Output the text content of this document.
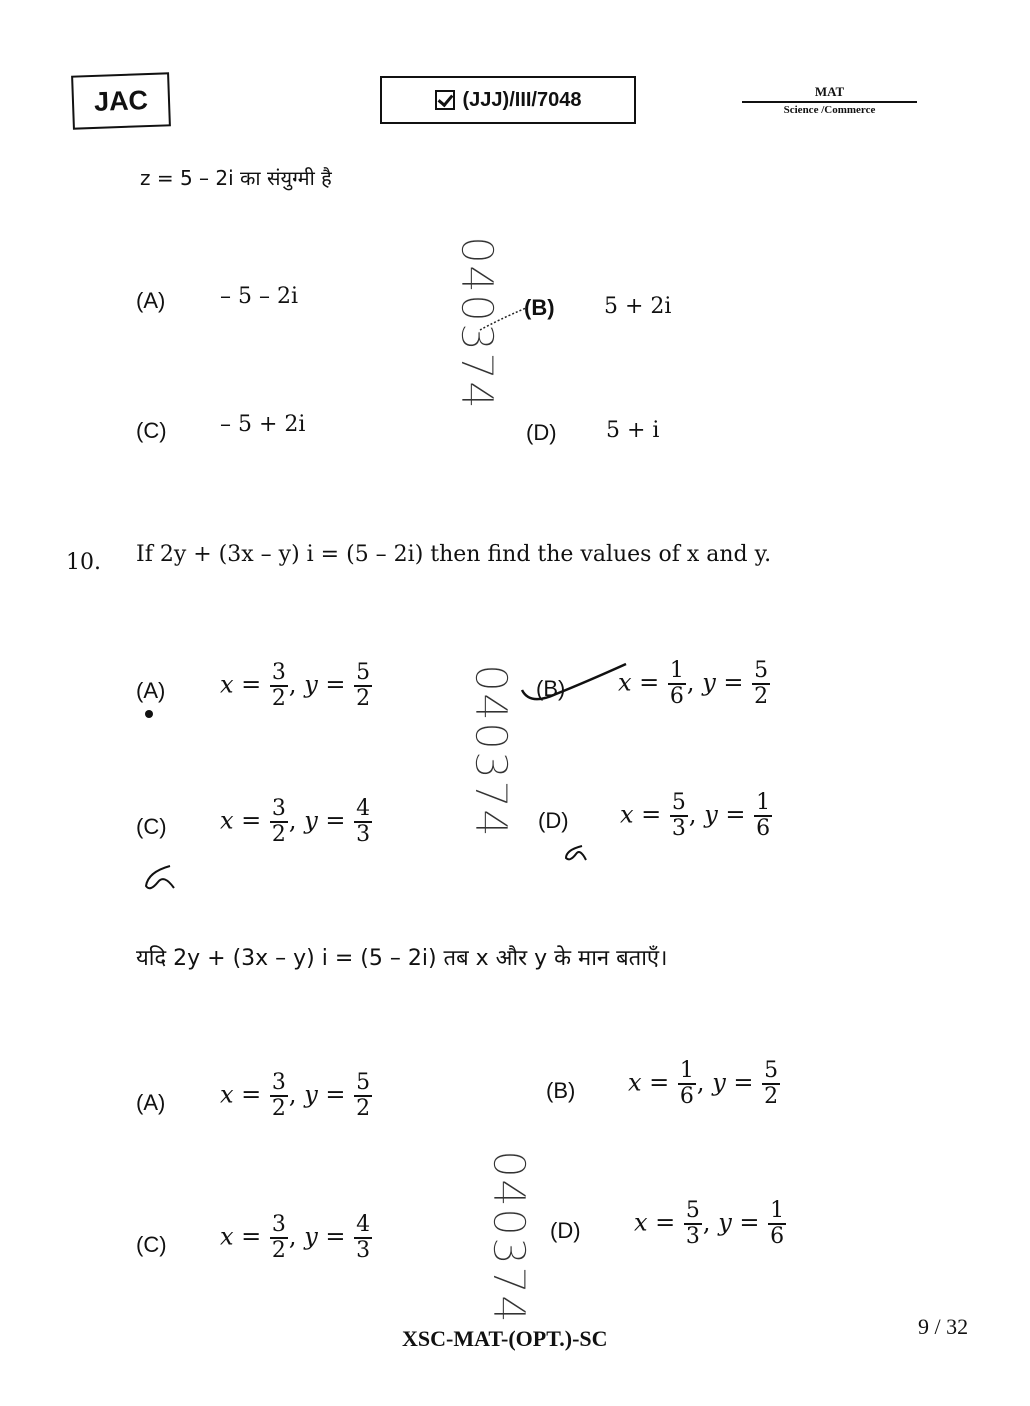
JAC	(JJJ)/III/7048	MAT
Science /Commerce
z = 5 – 2i का संयुग्मी है
(A) – 5 – 2i	(B) 5 + 2i
(C) – 5 + 2i	(D) 5 + i
040374
10. If 2y + (3x – y) i = (5 – 2i) then find the values of x and y.
(A) $x = \frac{3}{2}$ , $y = \frac{5}{2}$	(B) $x = \frac{1}{6}$ , $y = \frac{5}{2}$
(C) $x = \frac{3}{2}$ , $y = \frac{4}{3}$	(D) $x = \frac{5}{3}$ , $y = \frac{1}{6}$
040374
यदि 2y + (3x – y) i = (5 – 2i) तब x और y के मान बताएँ।
(A) $x = \frac{3}{2}$ , $y = \frac{5}{2}$	(B) $x = \frac{1}{6}$ , $y = \frac{5}{2}$
(C) $x = \frac{3}{2}$ , $y = \frac{4}{3}$	(D) $x = \frac{5}{3}$ , $y = \frac{1}{6}$
040374
XSC-MAT-(OPT.)-SC	9 / 32
